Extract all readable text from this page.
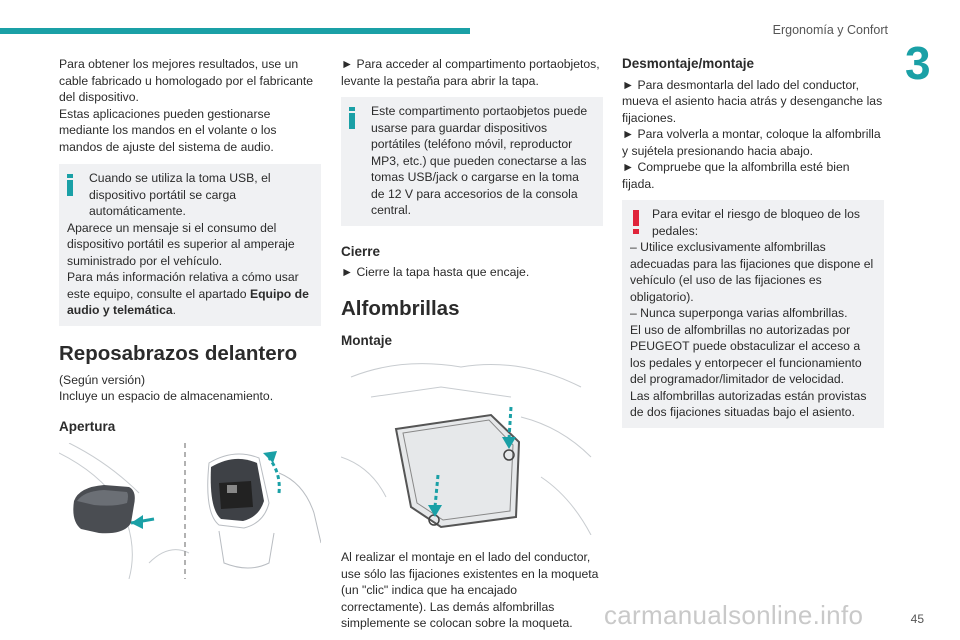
Ergonomía y Confort
3

Para obtener los mejores resultados, use un cable fabricado u homologado por el fabricante del dispositivo.

Estas aplicaciones pueden gestionarse mediante los mandos en el volante o los mandos de ajuste del sistema de audio.

Cuando se utiliza la toma USB, el dispositivo portátil se carga automáticamente.

Aparece un mensaje si el consumo del dispositivo portátil es superior al amperaje suministrado por el vehículo.

Para más información relativa a cómo usar este equipo, consulte el apartado Equipo de audio y telemática.

Reposabrazos delantero

(Según versión)

Incluye un espacio de almacenamiento.

Apertura

► Para acceder al compartimento portaobjetos, levante la pestaña para abrir la tapa.

Este compartimento portaobjetos puede usarse para guardar dispositivos portátiles (teléfono móvil, reproductor MP3, etc.) que pueden conectarse a las tomas USB/jack o cargarse en la toma de 12 V para accesorios de la consola central.

Cierre

► Cierre la tapa hasta que encaje.

Alfombrillas
Montaje

Al realizar el montaje en el lado del conductor, use sólo las fijaciones existentes en la moqueta (un "clic" indica que ha encajado correctamente). Las demás alfombrillas simplemente se colocan sobre la moqueta.

Desmontaje/montaje

► Para desmontarla del lado del conductor, mueva el asiento hacia atrás y desenganche las fijaciones.

► Para volverla a montar, coloque la alfombrilla y sujétela presionando hacia abajo.

► Compruebe que la alfombrilla esté bien fijada.

Para evitar el riesgo de bloqueo de los pedales:

– Utilice exclusivamente alfombrillas adecuadas para las fijaciones que dispone el vehículo (el uso de las fijaciones es obligatorio).

– Nunca superponga varias alfombrillas.

El uso de alfombrillas no autorizadas por PEUGEOT puede obstaculizar el acceso a los pedales y entorpecer el funcionamiento del programador/limitador de velocidad.

Las alfombrillas autorizadas están provistas de dos fijaciones situadas bajo el asiento.

carmanualsonline.info	45
